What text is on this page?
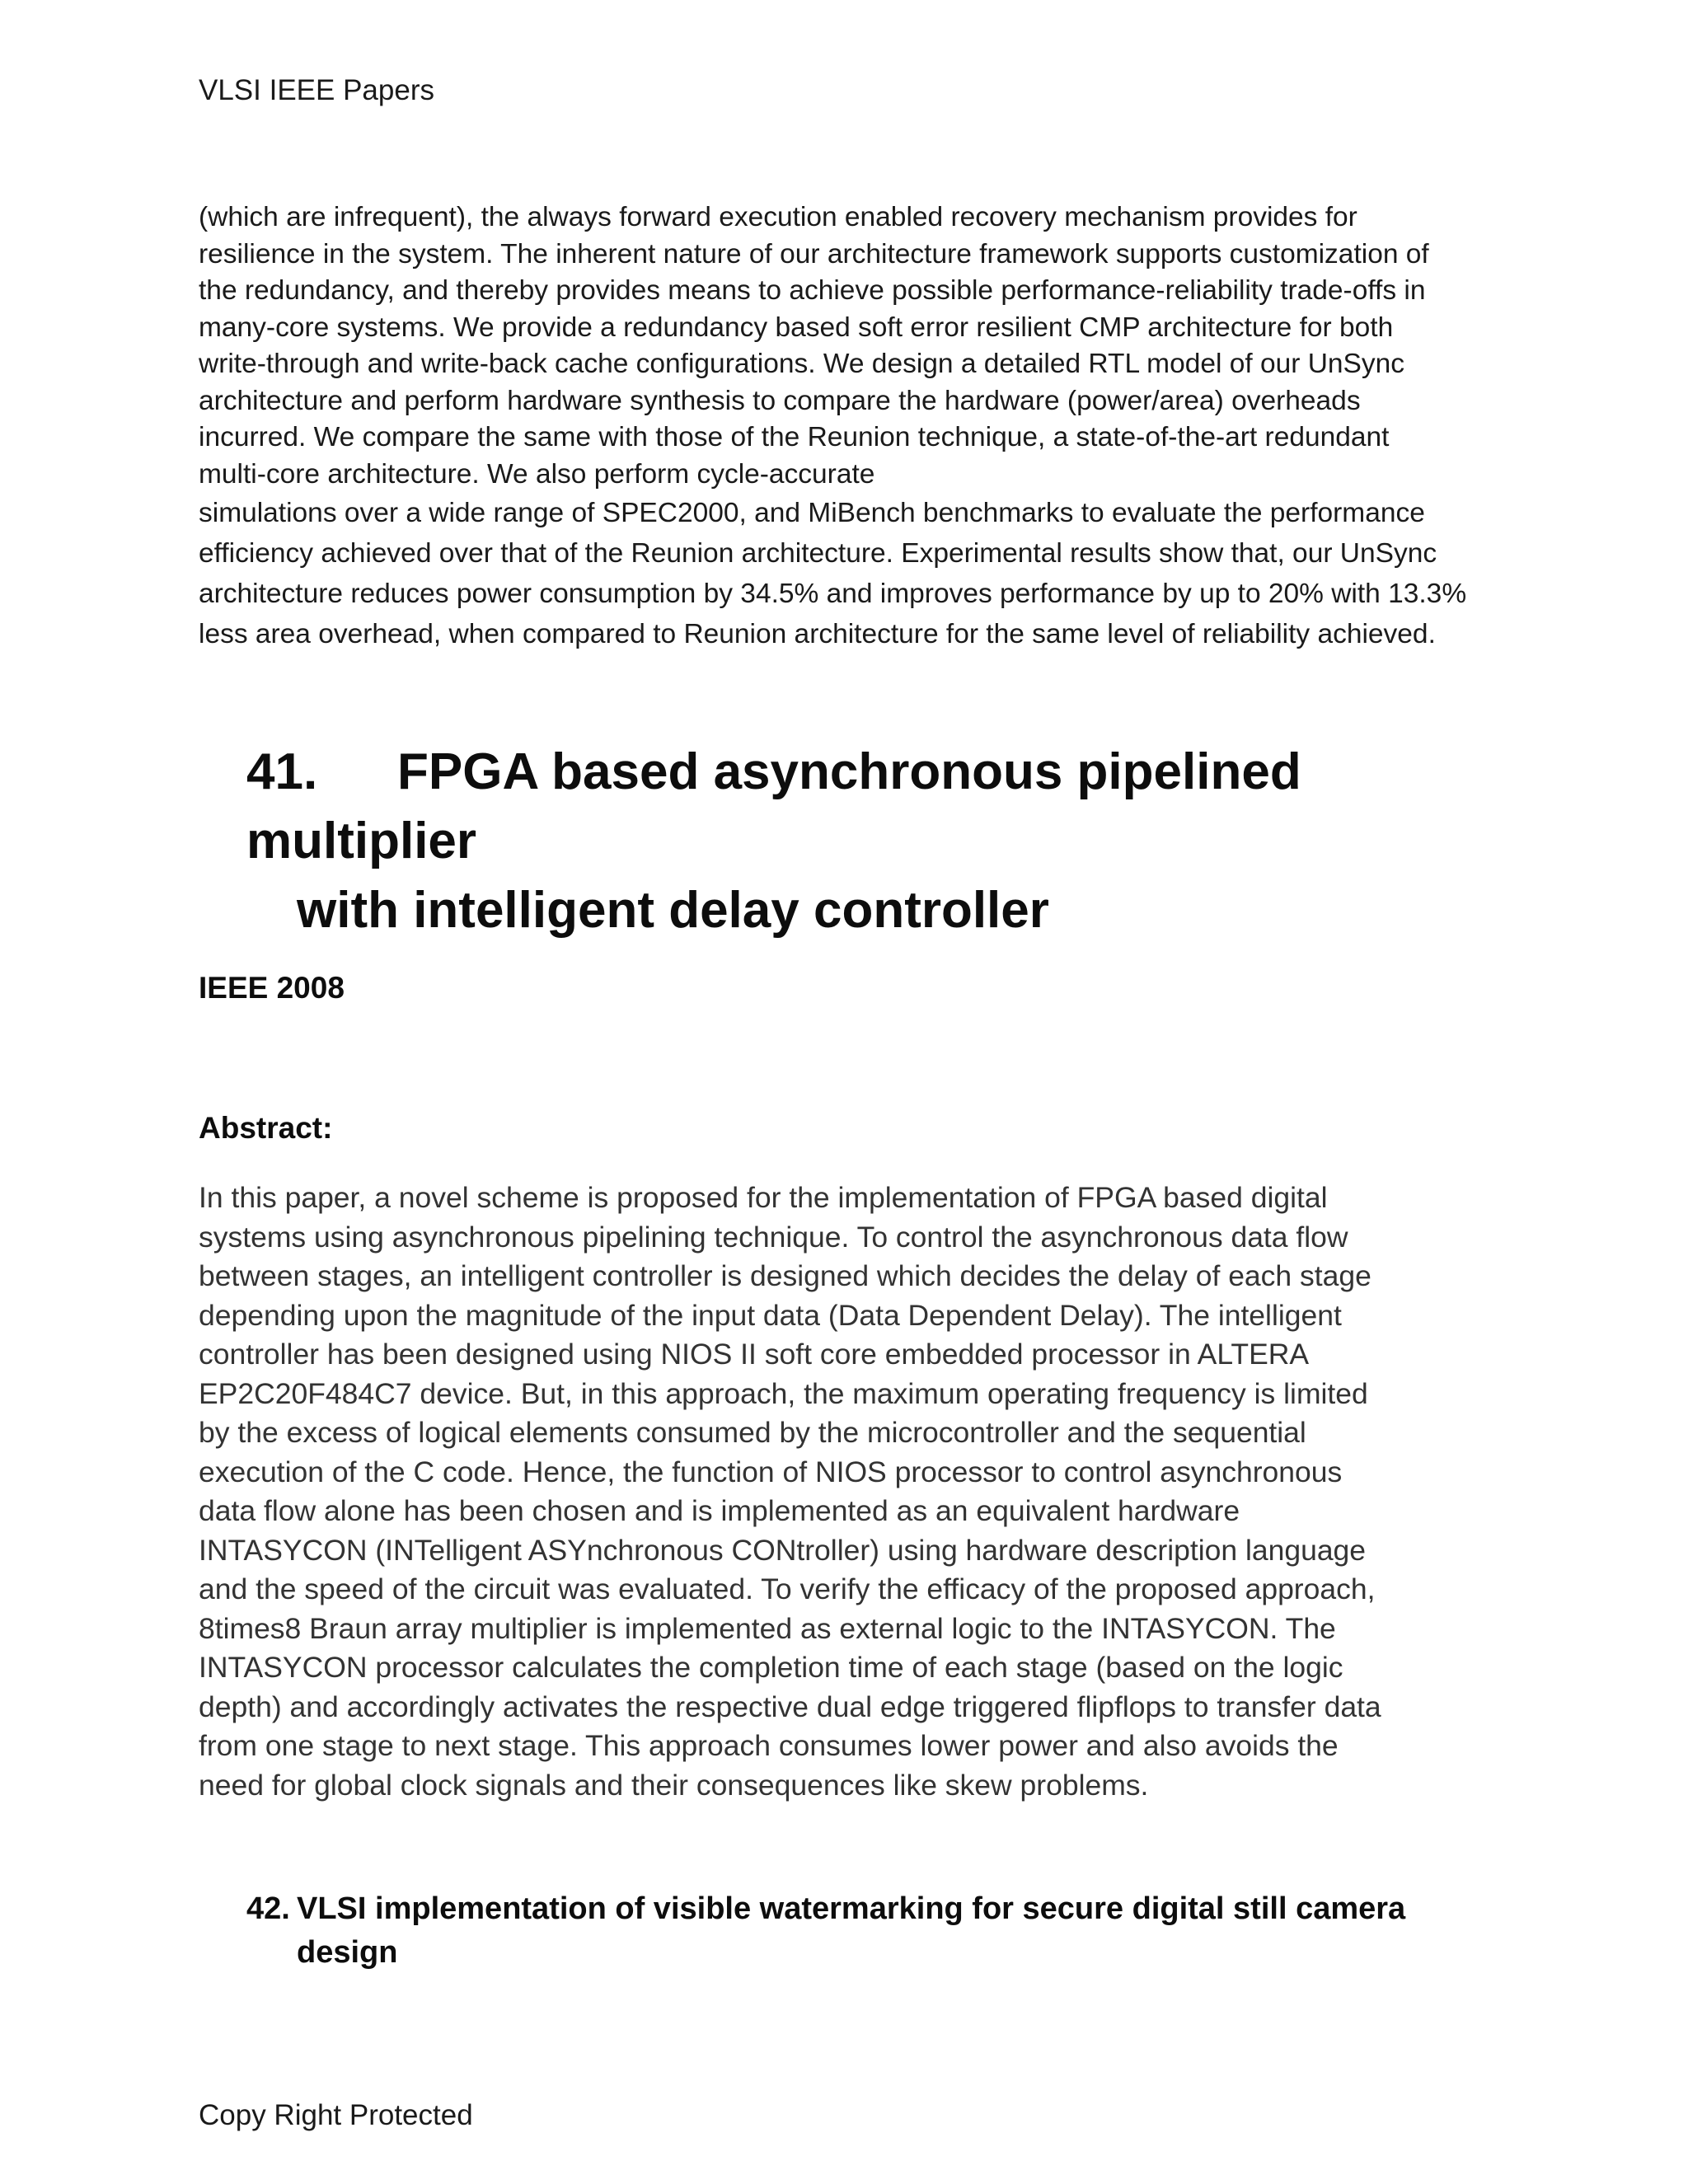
VLSI IEEE Papers
(which are infrequent), the always forward execution enabled recovery mechanism provides for
resilience in the system. The inherent nature of our architecture framework supports customization of
the redundancy, and thereby provides means to achieve possible performance-reliability trade-offs in
many-core systems. We provide a redundancy based soft error resilient CMP architecture for both
write-through and write-back cache configurations. We design a detailed RTL model of our UnSync
architecture and perform hardware synthesis to compare the hardware (power/area) overheads
incurred. We compare the same with those of the Reunion technique, a state-of-the-art redundant
multi-core architecture. We also perform cycle-accurate
simulations over a wide range of SPEC2000, and MiBench benchmarks to evaluate the performance
efficiency achieved over that of the Reunion architecture. Experimental results show that, our UnSync
architecture reduces power consumption by 34.5% and improves performance by up to 20% with 13.3%
less area overhead, when compared to Reunion architecture for the same level of reliability achieved.
41. FPGA based asynchronous pipelined multiplier
with intelligent delay controller
IEEE 2008
Abstract:
In this paper, a novel scheme is proposed for the implementation of FPGA based digital
systems using asynchronous pipelining technique. To control the asynchronous data flow
between stages, an intelligent controller is designed which decides the delay of each stage
depending upon the magnitude of the input data (Data Dependent Delay). The intelligent
controller has been designed using NIOS II soft core embedded processor in ALTERA
EP2C20F484C7 device. But, in this approach, the maximum operating frequency is limited
by the excess of logical elements consumed by the microcontroller and the sequential
execution of the C code. Hence, the function of NIOS processor to control asynchronous
data flow alone has been chosen and is implemented as an equivalent hardware
INTASYCON (INTelligent ASYnchronous CONtroller) using hardware description language
and the speed of the circuit was evaluated. To verify the efficacy of the proposed approach,
8times8 Braun array multiplier is implemented as external logic to the INTASYCON. The
INTASYCON processor calculates the completion time of each stage (based on the logic
depth) and accordingly activates the respective dual edge triggered flipflops to transfer data
from one stage to next stage. This approach consumes lower power and also avoids the
need for global clock signals and their consequences like skew problems.
42. VLSI implementation of visible watermarking for secure digital still camera
design
Copy Right Protected
